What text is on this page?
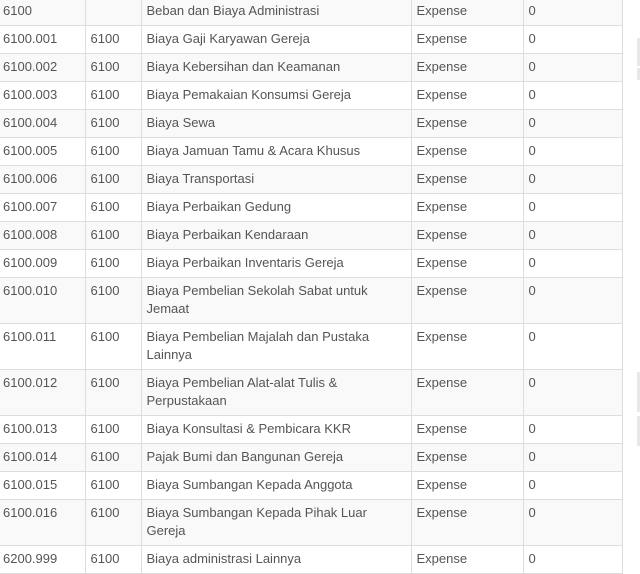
6100		Beban dan Biaya Administrasi	Expense	0
6100.001	6100	Biaya Gaji Karyawan Gereja	Expense	0
6100.002	6100	Biaya Kebersihan dan Keamanan	Expense	0
6100.003	6100	Biaya Pemakaian Konsumsi Gereja	Expense	0
6100.004	6100	Biaya Sewa	Expense	0
6100.005	6100	Biaya Jamuan Tamu & Acara Khusus	Expense	0
6100.006	6100	Biaya Transportasi	Expense	0
6100.007	6100	Biaya Perbaikan Gedung	Expense	0
6100.008	6100	Biaya Perbaikan Kendaraan	Expense	0
6100.009	6100	Biaya Perbaikan Inventaris Gereja	Expense	0
6100.010	6100	Biaya Pembelian Sekolah Sabat untuk Jemaat	Expense	0
6100.011	6100	Biaya Pembelian Majalah dan Pustaka Lainnya	Expense	0
6100.012	6100	Biaya Pembelian Alat-alat Tulis & Perpustakaan	Expense	0
6100.013	6100	Biaya Konsultasi & Pembicara KKR	Expense	0
6100.014	6100	Pajak Bumi dan Bangunan Gereja	Expense	0
6100.015	6100	Biaya Sumbangan Kepada Anggota	Expense	0
6100.016	6100	Biaya Sumbangan Kepada Pihak Luar Gereja	Expense	0
6200.999	6100	Biaya administrasi Lainnya	Expense	0
